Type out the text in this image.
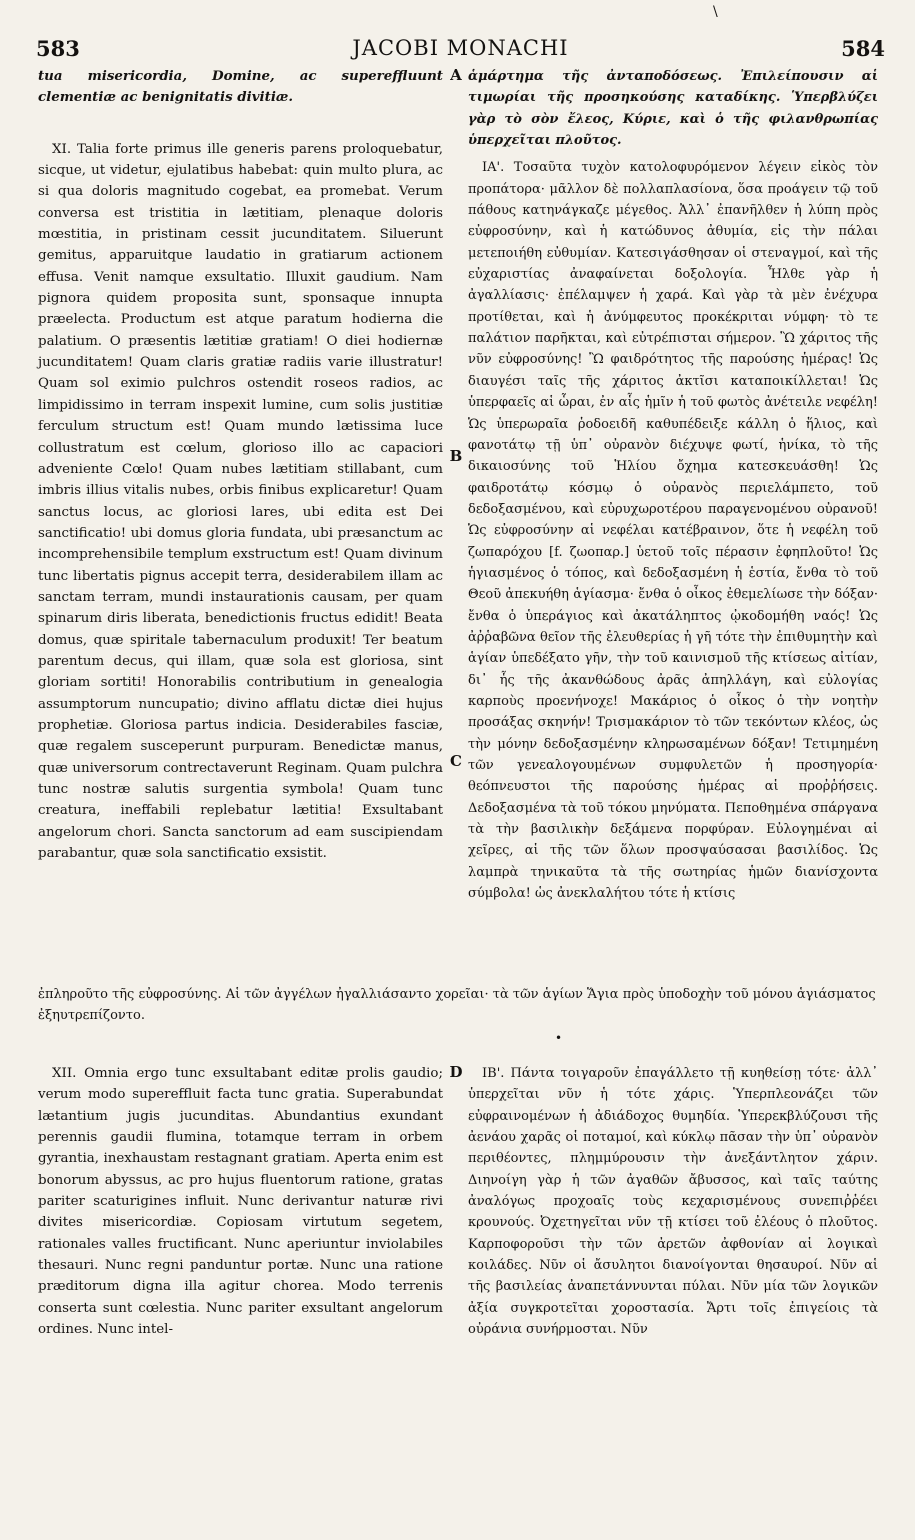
583	JACOBI MONACHI	584
\
A
B
C
D

tua misericordia, Domine, ac supereffluunt clementiæ ac benignitatis divitiæ.

XI. Talia forte primus ille generis parens proloquebatur, sicque, ut videtur, ejulatibus habebat: quin multo plura, ac si qua doloris magnitudo cogebat, ea promebat. Verum conversa est tristitia in lætitiam, plenaque doloris mœstitia, in pristinam cessit jucunditatem. Siluerunt gemitus, apparuitque laudatio in gratiarum actionem effusa. Venit namque exsultatio. Illuxit gaudium. Nam pignora quidem proposita sunt, sponsaque innupta præelecta. Productum est atque paratum hodierna die palatium. O præsentis lætitiæ gratiam! O diei hodiernæ jucunditatem! Quam claris gratiæ radiis varie illustratur! Quam sol eximio pulchros ostendit roseos radios, ac limpidissimo in terram inspexit lumine, cum solis justitiæ ferculum structum est! Quam mundo lætissima luce collustratum est cœlum, glorioso illo ac capaciori adveniente Cœlo! Quam nubes lætitiam stillabant, cum imbris illius vitalis nubes, orbis finibus explicaretur! Quam sanctus locus, ac gloriosi lares, ubi edita est Dei sanctificatio! ubi domus gloria fundata, ubi præsanctum ac incomprehensibile templum exstructum est! Quam divinum tunc libertatis pignus accepit terra, desiderabilem illam ac sanctam terram, mundi instaurationis causam, per quam spinarum diris liberata, benedictionis fructus edidit! Beata domus, quæ spiritale tabernaculum produxit! Ter beatum parentum decus, qui illam, quæ sola est gloriosa, sint gloriam sortiti! Honorabilis contributium in genealogia assumptorum nuncupatio; divino afflatu dictæ diei hujus prophetiæ. Gloriosa partus indicia. Desiderabiles fasciæ, quæ regalem susceperunt purpuram. Benedictæ manus, quæ universorum contrectaverunt Reginam. Quam pulchra tunc nostræ salutis surgentia symbola! Quam tunc creatura, ineffabili replebatur lætitia! Exsultabant angelorum chori. Sancta sanctorum ad eam suscipiendam parabantur, quæ sola sanctificatio exsistit.

ἁμάρτημα τῆς ἀνταποδόσεως. Ἐπιλείπουσιν αἱ τιμωρίαι τῆς προσηκούσης καταδίκης. Ὑπερβλύζει γὰρ τὸ σὸν ἔλεος, Κύριε, καὶ ὁ τῆς φιλανθρωπίας ὑπερχεῖται πλοῦτος.

ΙΑ'. Τοσαῦτα τυχὸν κατολοφυρόμενον λέγειν εἰκὸς τὸν προπάτορα· μᾶλλον δὲ πολλαπλασίονα, ὅσα προάγειν τῷ τοῦ πάθους κατηνάγκαζε μέγεθος. Ἀλλ᾽ ἐπανῆλθεν ἡ λύπη πρὸς εὐφροσύνην, καὶ ἡ κατώδυνος ἀθυμία, εἰς τὴν πάλαι μετεποιήθη εὐθυμίαν. Κατεσιγάσθησαν οἱ στεναγμοί, καὶ τῆς εὐχαριστίας ἀναφαίνεται δοξολογία. Ἦλθε γὰρ ἡ ἀγαλλίασις· ἐπέλαμψεν ἡ χαρά. Καὶ γὰρ τὰ μὲν ἐνέχυρα προτίθεται, καὶ ἡ ἀνύμφευτος προκέκριται νύμφη· τὸ τε παλάτιον παρῆκται, καὶ εὐτρέπισται σήμερον. Ὢ χάριτος τῆς νῦν εὐφροσύνης! Ὢ φαιδρότητος τῆς παρούσης ἡμέρας! Ὡς διαυγέσι ταῖς τῆς χάριτος ἀκτῖσι καταποικίλλεται! Ὡς ὑπερφαεῖς αἱ ὧραι, ἐν αἷς ἡμῖν ἡ τοῦ φωτὸς ἀνέτειλε νεφέλη! Ὡς ὑπερωραῖα ῥοδοειδῆ καθυπέδειξε κάλλη ὁ ἥλιος, καὶ φανοτάτῳ τῇ ὑπ᾽ οὐρανὸν διέχυψε φωτί, ἡνίκα, τὸ τῆς δικαιοσύνης τοῦ Ἡλίου ὄχημα κατεσκευάσθη! Ὡς φαιδροτάτῳ κόσμῳ ὁ οὐρανὸς περιελάμπετο, τοῦ δεδοξασμένου, καὶ εὐρυχωροτέρου παραγενομένου οὐρανοῦ! Ὡς εὐφροσύνην αἱ νεφέλαι κατέβραινον, ὅτε ἡ νεφέλη τοῦ ζωπαρόχου [f. ζωοπαρ.] ὑετοῦ τοῖς πέρασιν ἐφηπλοῦτο! Ὡς ἡγιασμένος ὁ τόπος, καὶ δεδοξασμένη ἡ ἑστία, ἔνθα τὸ τοῦ Θεοῦ ἀπεκυήθη ἁγίασμα· ἔνθα ὁ οἶκος ἐθεμελίωσε τὴν δόξαν· ἔνθα ὁ ὑπεράγιος καὶ ἀκατάληπτος ᾠκοδομήθη ναός! Ὡς ἀῤῥαβῶνα θεῖον τῆς ἐλευθερίας ἡ γῆ τότε τὴν ἐπιθυμητὴν καὶ ἁγίαν ὑπεδέξατο γῆν, τὴν τοῦ καινισμοῦ τῆς κτίσεως αἰτίαν, δι᾽ ἧς τῆς ἀκανθώδους ἀρᾶς ἀπηλλάγη, καὶ εὐλογίας καρποὺς προενήνοχε! Μακάριος ὁ οἶκος ὁ τὴν νοητὴν προσάξας σκηνήν! Τρισμακάριον τὸ τῶν τεκόντων κλέος, ὡς τὴν μόνην δεδοξασμένην κληρωσαμένων δόξαν! Τετιμημένη τῶν γενεαλογουμένων συμφυλετῶν ἡ προσηγορία· θεόπνευστοι τῆς παρούσης ἡμέρας αἱ προῤῥήσεις. Δεδοξασμένα τὰ τοῦ τόκου μηνύματα. Πεποθημένα σπάργανα τὰ τὴν βασιλικὴν δεξάμενα πορφύραν. Εὐλογημέναι αἱ χεῖρες, αἱ τῆς τῶν ὅλων προσψαύσασαι βασιλίδος. Ὡς λαμπρὰ τηνικαῦτα τὰ τῆς σωτηρίας ἡμῶν διανίσχοντα σύμβολα! ὡς ἀνεκλαλήτου τότε ἡ κτίσις

ἐπληροῦτο τῆς εὐφροσύνης. Αἱ τῶν ἀγγέλων ἠγαλλιάσαντο χορεῖαι· τὰ τῶν ἁγίων Ἅγια πρὸς ὑποδοχὴν τοῦ μόνου ἁγιάσματος ἐξηυτρεπίζοντο.
•

XII. Omnia ergo tunc exsultabant editæ prolis gaudio; verum modo supereffluit facta tunc gratia. Superabundat lætantium jugis jucunditas. Abundantius exundant perennis gaudii flumina, totamque terram in orbem gyrantia, inexhaustam restagnant gratiam. Aperta enim est bonorum abyssus, ac pro hujus fluentorum ratione, gratas pariter scaturigines influit. Nunc derivantur naturæ rivi divites misericordiæ. Copiosam virtutum segetem, rationales valles fructificant. Nunc aperiuntur inviolabiles thesauri. Nunc regni panduntur portæ. Nunc una ratione præditorum digna illa agitur chorea. Modo terrenis conserta sunt cœlestia. Nunc pariter exsultant angelorum ordines. Nunc intel-

ΙΒ'. Πάντα τοιγαροῦν ἐπαγάλλετο τῇ κυηθείσῃ τότε· ἀλλ᾽ ὑπερχεῖται νῦν ἡ τότε χάρις. Ὑπερπλεονάζει τῶν εὐφραινομένων ἡ ἀδιάδοχος θυμηδία. Ὑπερεκβλύζουσι τῆς ἀενάου χαρᾶς οἱ ποταμοί, καὶ κύκλῳ πᾶσαν τὴν ὑπ᾽ οὐρανὸν περιθέοντες, πλημμύρουσιν τὴν ἀνεξάντλητον χάριν. Διηνοίγη γὰρ ἡ τῶν ἀγαθῶν ἄβυσσος, καὶ ταῖς ταύτης ἀναλόγως προχοαῖς τοὺς κεχαρισμένους συνεπιῤῥέει κρουνούς. Ὀχετηγεῖται νῦν τῇ κτίσει τοῦ ἐλέους ὁ πλοῦτος. Καρποφοροῦσι τὴν τῶν ἀρετῶν ἀφθονίαν αἱ λογικαὶ κοιλάδες. Νῦν οἱ ἄσυλητοι διανοίγονται θησαυροί. Νῦν αἱ τῆς βασιλείας ἀναπετάννυνται πύλαι. Νῦν μία τῶν λογικῶν ἀξία συγκροτεῖται χοροστασία. Ἄρτι τοῖς ἐπιγείοις τὰ οὐράνια συνήρμοσται. Νῦν
